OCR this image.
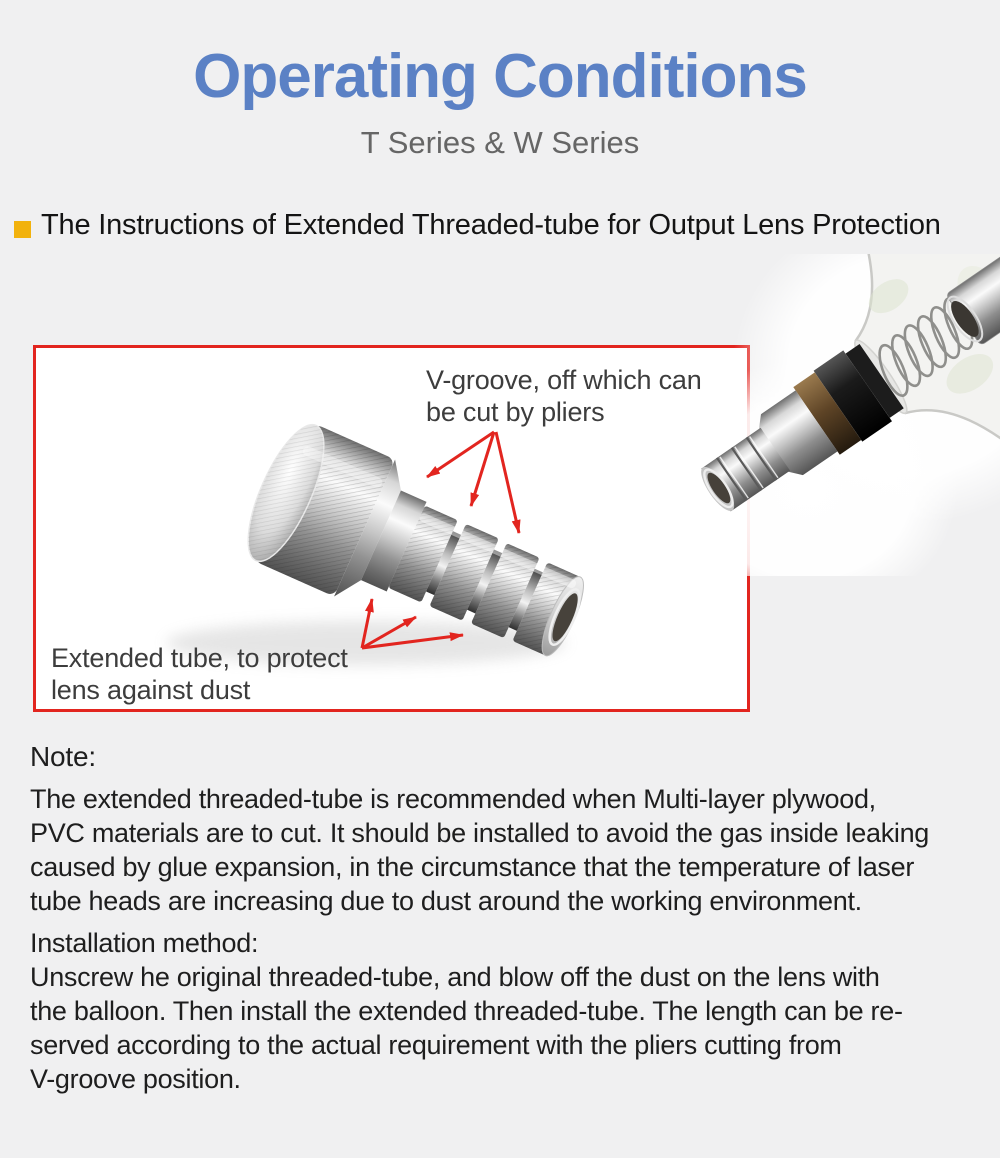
Operating Conditions
T Series & W Series
The Instructions of Extended Threaded-tube for Output Lens Protection
V-groove, off which can
be cut by pliers
Extended tube, to protect
lens against dust
Note:
The extended threaded-tube is recommended when Multi-layer plywood,
PVC materials are to cut. It should be installed to avoid the gas inside leaking
caused by glue expansion, in the circumstance that the temperature of laser
tube heads are increasing due to dust around the working environment.
Installation method:
Unscrew he original threaded-tube, and blow off the dust on the lens with
the balloon. Then install the extended threaded-tube. The length can be re-
served according to the actual requirement with the pliers cutting from
V-groove position.
